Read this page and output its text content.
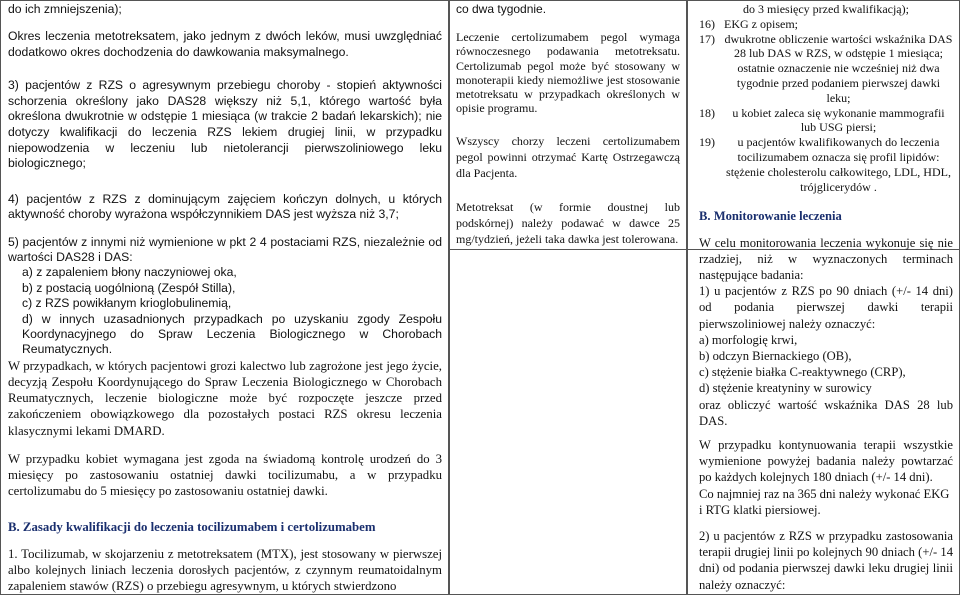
do ich zmniejszenia);

Okres leczenia metotreksatem, jako jednym z dwóch leków, musi uwzględniać dodatkowo okres dochodzenia do dawkowania maksymalnego.

3) pacjentów z RZS o agresywnym przebiegu choroby - stopień aktywności schorzenia określony jako DAS28 większy niż 5,1, którego wartość była określona dwukrotnie w odstępie 1 miesiąca (w trakcie 2 badań lekarskich); nie dotyczy kwalifikacji do leczenia RZS lekiem drugiej linii, w przypadku niepowodzenia w leczeniu lub nietolerancji pierwszoliniowego leku biologicznego;

4) pacjentów z RZS z dominującym zajęciem kończyn dolnych, u których aktywność choroby wyrażona współczynnikiem DAS jest wyższa niż 3,7;

5) pacjentów z innymi niż wymienione w pkt 2 4 postaciami RZS, niezależnie od wartości DAS28 i DAS:

a) z zapaleniem błony naczyniowej oka,

b) z postacią uogólnioną (Zespół Stilla),

c) z RZS powikłanym krioglobulinemią,

d) w innych uzasadnionych przypadkach po uzyskaniu zgody Zespołu Koordynacyjnego do Spraw Leczenia Biologicznego w Chorobach Reumatycznych.

W przypadkach, w których pacjentowi grozi kalectwo lub zagrożone jest jego życie, decyzją Zespołu Koordynującego do Spraw Leczenia Biologicznego w Chorobach Reumatycznych, leczenie biologiczne może być rozpoczęte jeszcze przed zakończeniem obowiązkowego dla pozostałych postaci RZS okresu leczenia klasycznymi lekami DMARD.

W przypadku kobiet wymagana jest zgoda na świadomą kontrolę urodzeń do 3 miesięcy po zastosowaniu ostatniej dawki tocilizumabu, a w przypadku certolizumabu do 5 miesięcy po zastosowaniu ostatniej dawki.

B. Zasady kwalifikacji do leczenia tocilizumabem i certolizumabem

1. Tocilizumab, w skojarzeniu z metotreksatem (MTX), jest stosowany w pierwszej albo kolejnych liniach leczenia dorosłych pacjentów, z czynnym reumatoidalnym zapaleniem stawów (RZS) o przebiegu agresywnym, u których stwierdzono

co dwa tygodnie.

Leczenie certolizumabem pegol wymaga równoczesnego podawania metotreksatu. Certolizumab pegol może być stosowany w monoterapii kiedy niemożliwe jest stosowanie metotreksatu w przypadkach określonych w opisie programu.

Wszyscy chorzy leczeni certolizumabem pegol powinni otrzymać Kartę Ostrzegawczą dla Pacjenta.

Metotreksat (w formie doustnej lub podskórnej) należy podawać w dawce 25 mg/tydzień, jeżeli taka dawka jest tolerowana.

do 3 miesięcy przed kwalifikacją);

16) EKG z opisem;
17) dwukrotne obliczenie wartości wskaźnika DAS 28 lub DAS w RZS, w odstępie 1 miesiąca; ostatnie oznaczenie nie wcześniej niż dwa tygodnie przed podaniem pierwszej dawki leku;
18)	u kobiet zaleca się wykonanie mammografii lub USG piersi;
19)	u pacjentów kwalifikowanych do leczenia tocilizumabem oznacza się profil lipidów: stężenie cholesterolu całkowitego, LDL, HDL, trójglicerydów .

B. Monitorowanie leczenia

W celu monitorowania leczenia wykonuje się nie rzadziej, niż w wyznaczonych terminach następujące badania:

1) u pacjentów z RZS po 90 dniach (+/- 14 dni) od podania pierwszej dawki terapii pierwszoliniowej należy oznaczyć:

a) morfologię krwi,

b) odczyn Biernackiego (OB),

c) stężenie białka C-reaktywnego (CRP),

d) stężenie kreatyniny w surowicy

oraz obliczyć wartość wskaźnika DAS 28 lub DAS.

W przypadku kontynuowania terapii wszystkie wymienione powyżej badania należy powtarzać po każdych kolejnych 180 dniach (+/- 14 dni).

Co najmniej raz na 365 dni należy wykonać EKG i RTG klatki piersiowej.

2) u pacjentów z RZS w przypadku zastosowania terapii drugiej linii po kolejnych 90 dniach (+/- 14 dni) od podania pierwszej dawki leku drugiej linii należy oznaczyć:
